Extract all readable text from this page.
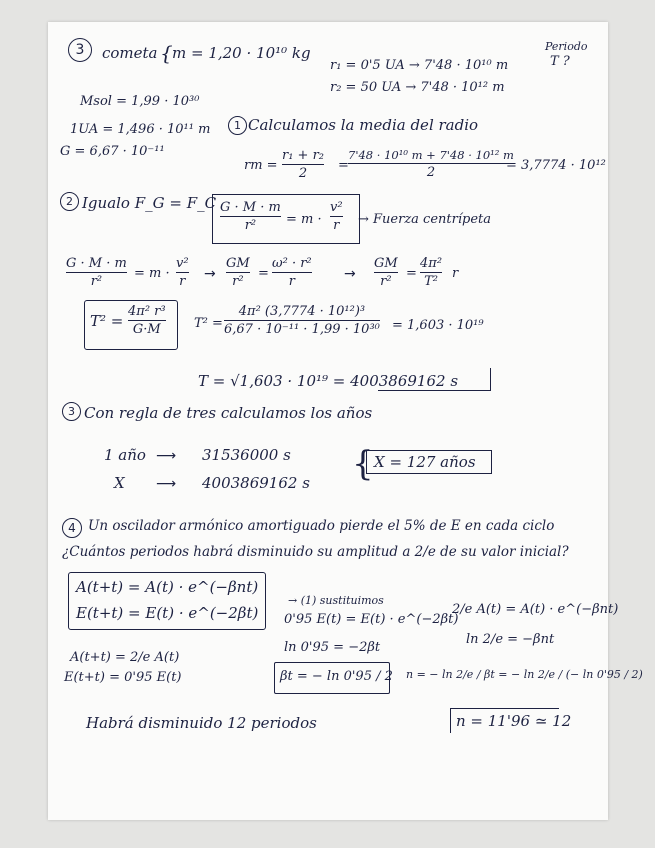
3	cometa { m = 1,20 · 10¹⁰ kg
r₁ = 0'5 UA → 7'48 · 10¹⁰ m
r₂ = 50 UA → 7'48 · 10¹² m
Periodo
T ?
Msol = 1,99 · 10³⁰
1UA = 1,496 · 10¹¹ m
G = 6,67 · 10⁻¹¹
1 Calculamos la media del radio
rm =
r₁ + r₂
2
=
7'48 · 10¹⁰ m + 7'48 · 10¹² m
2	= 3,7774 · 10¹²
2 Igualo F_G = F_C G · M · m
r² = m ·
v²
r → Fuerza centrípeta
G · M · m
r²
= m ·
v²
r →
GM
r²
=
ω² · r²
r	→
GM
r²
=
4π²
T²
r
T² =
4π² r³
G·M	T² =
4π² (3,7774 · 10¹²)³
6,67 · 10⁻¹¹ · 1,99 · 10³⁰ = 1,603 · 10¹⁹
T = √1,603 · 10¹⁹ = 4003869162 s
3 Con regla de tres calculamos los años
1 año ⟶ 31536000 s
X ⟶ 4003869162 s { X = 127 años
4 Un oscilador armónico amortiguado pierde el 5% de E en cada ciclo
¿Cuántos periodos habrá disminuido su amplitud a 2/e de su valor inicial?
A(t+t) = A(t) · e^(−βnt)
E(t+t) = E(t) · e^(−2βt)
→ (1) sustituimos
0'95 E(t) = E(t) · e^(−2βt)
2/e A(t) = A(t) · e^(−βnt)
A(t+t) = 2/e A(t)
E(t+t) = 0'95 E(t)
ln 0'95 = −2βt
βt = − ln 0'95 / 2
ln 2/e = −βnt
n = − ln 2/e / βt = − ln 2/e / (− ln 0'95 / 2)
n = 11'96 ≃ 12
Habrá disminuido 12 periodos
